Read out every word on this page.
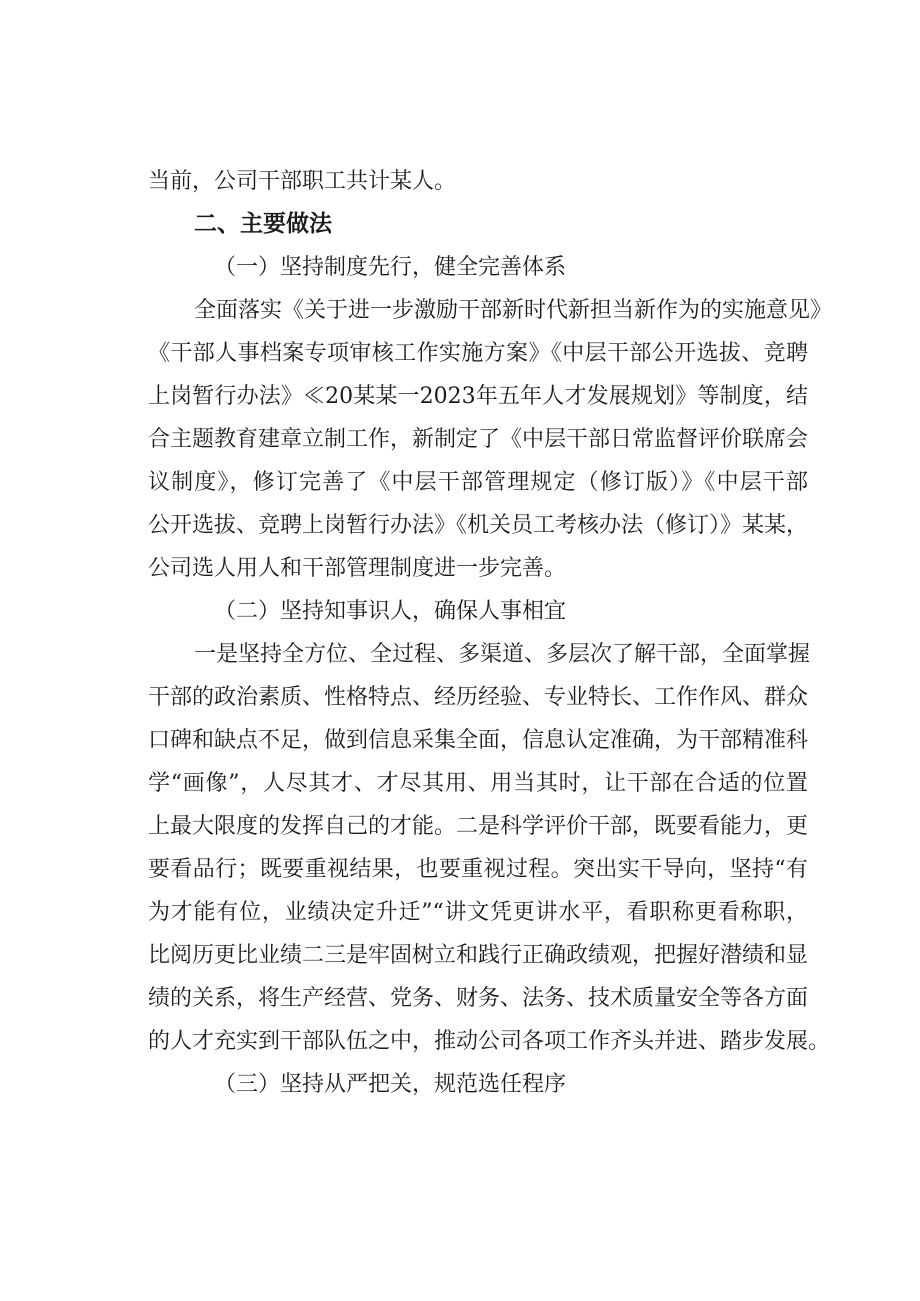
当前，公司干部职工共计某人。
二、主要做法
（一）坚持制度先行，健全完善体系
全面落实《关于进一步激励干部新时代新担当新作为的实施意见》
《干部人事档案专项审核工作实施方案》《中层干部公开选拔、竞聘
上岗暂行办法》≪20某某一2023年五年人才发展规划》等制度，结
合主题教育建章立制工作，新制定了《中层干部日常监督评价联席会
议制度》，修订完善了《中层干部管理规定（修订版）》《中层干部
公开选拔、竞聘上岗暂行办法》《机关员工考核办法（修订）》某某，
公司选人用人和干部管理制度进一步完善。
（二）坚持知事识人，确保人事相宜
一是坚持全方位、全过程、多渠道、多层次了解干部，全面掌握
干部的政治素质、性格特点、经历经验、专业特长、工作作风、群众
口碑和缺点不足，做到信息采集全面，信息认定准确，为干部精准科
学“画像”，人尽其才、才尽其用、用当其时，让干部在合适的位置
上最大限度的发挥自己的才能。二是科学评价干部，既要看能力，更
要看品行；既要重视结果，也要重视过程。突出实干导向，坚持“有
为才能有位，业绩决定升迁”“讲文凭更讲水平，看职称更看称职，
比阅历更比业绩二三是牢固树立和践行正确政绩观，把握好潜绩和显
绩的关系，将生产经营、党务、财务、法务、技术质量安全等各方面
的人才充实到干部队伍之中，推动公司各项工作齐头并进、踏步发展。
（三）坚持从严把关，规范选任程序
